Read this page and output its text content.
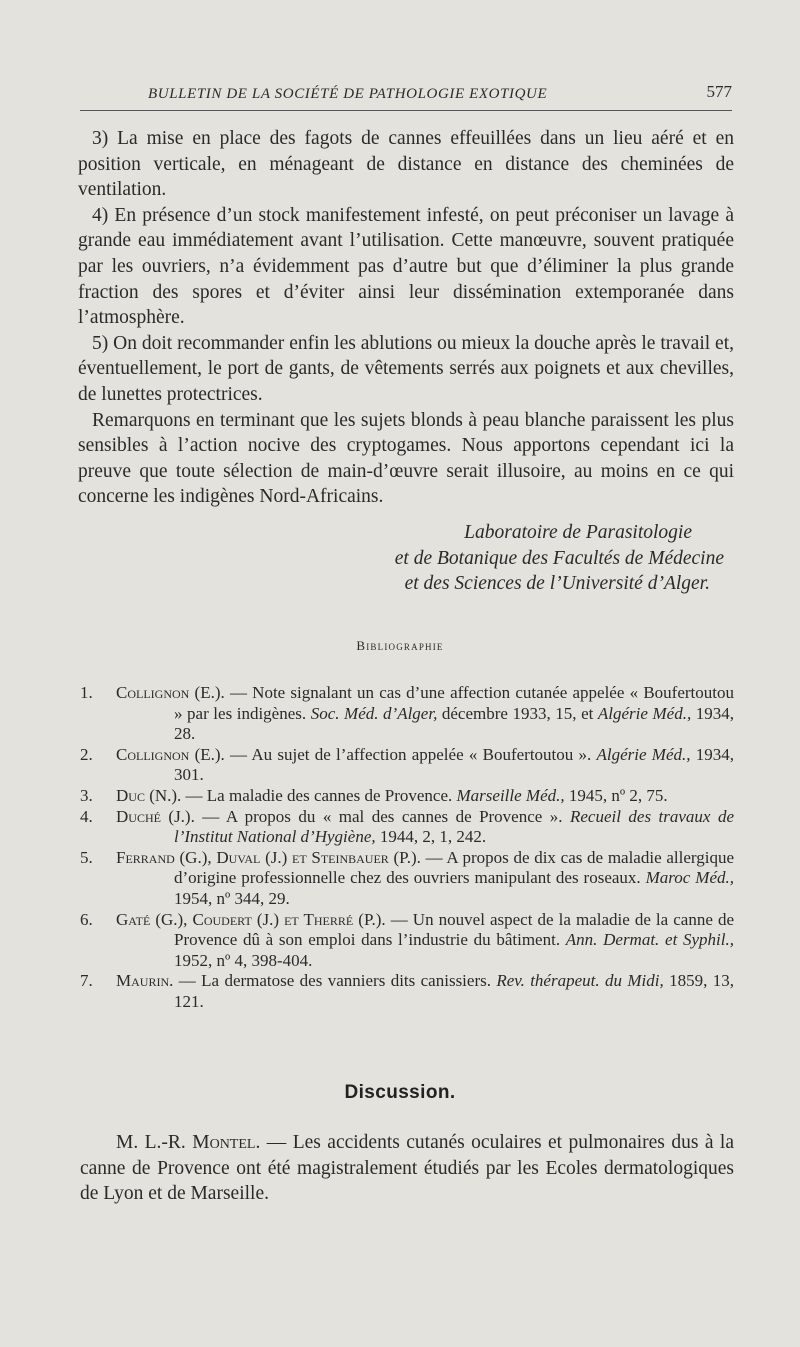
BULLETIN DE LA SOCIÉTÉ DE PATHOLOGIE EXOTIQUE	577

3) La mise en place des fagots de cannes effeuillées dans un lieu aéré et en position verticale, en ménageant de distance en distance des cheminées de ventilation.

4) En présence d’un stock manifestement infesté, on peut préconiser un lavage à grande eau immédiatement avant l’utilisation. Cette manœuvre, souvent pratiquée par les ouvriers, n’a évidemment pas d’autre but que d’éliminer la plus grande fraction des spores et d’éviter ainsi leur dissémination extemporanée dans l’atmosphère.

5) On doit recommander enfin les ablutions ou mieux la douche après le travail et, éventuellement, le port de gants, de vêtements serrés aux poignets et aux chevilles, de lunettes protectrices.

Remarquons en terminant que les sujets blonds à peau blanche paraissent les plus sensibles à l’action nocive des cryptogames. Nous apportons cependant ici la preuve que toute sélection de main-d’œuvre serait illusoire, au moins en ce qui concerne les indigènes Nord-Africains.

Laboratoire de Parasitologie
et de Botanique des Facultés de Médecine
et des Sciences de l’Université d’Alger.
Bibliographie

1. Collignon (E.). — Note signalant un cas d’une affection cutanée appelée « Boufertoutou » par les indigènes. Soc. Méd. d’Alger, décembre 1933, 15, et Algérie Méd., 1934, 28.

2. Collignon (E.). — Au sujet de l’affection appelée « Boufertoutou ». Algérie Méd., 1934, 301.

3. Duc (N.). — La maladie des cannes de Provence. Marseille Méd., 1945, nº 2, 75.

4. Duché (J.). — A propos du « mal des cannes de Provence ». Recueil des travaux de l’Institut National d’Hygiène, 1944, 2, 1, 242.

5. Ferrand (G.), Duval (J.) et Steinbauer (P.). — A propos de dix cas de maladie allergique d’origine professionnelle chez des ouvriers manipulant des roseaux. Maroc Méd., 1954, nº 344, 29.

6. Gaté (G.), Coudert (J.) et Therré (P.). — Un nouvel aspect de la maladie de la canne de Provence dû à son emploi dans l’industrie du bâtiment. Ann. Dermat. et Syphil., 1952, nº 4, 398-404.

7. Maurin. — La dermatose des vanniers dits canissiers. Rev. thérapeut. du Midi, 1859, 13, 121.

Discussion.

M. L.-R. Montel. — Les accidents cutanés oculaires et pulmonaires dus à la canne de Provence ont été magistralement étudiés par les Ecoles dermatologiques de Lyon et de Marseille.
